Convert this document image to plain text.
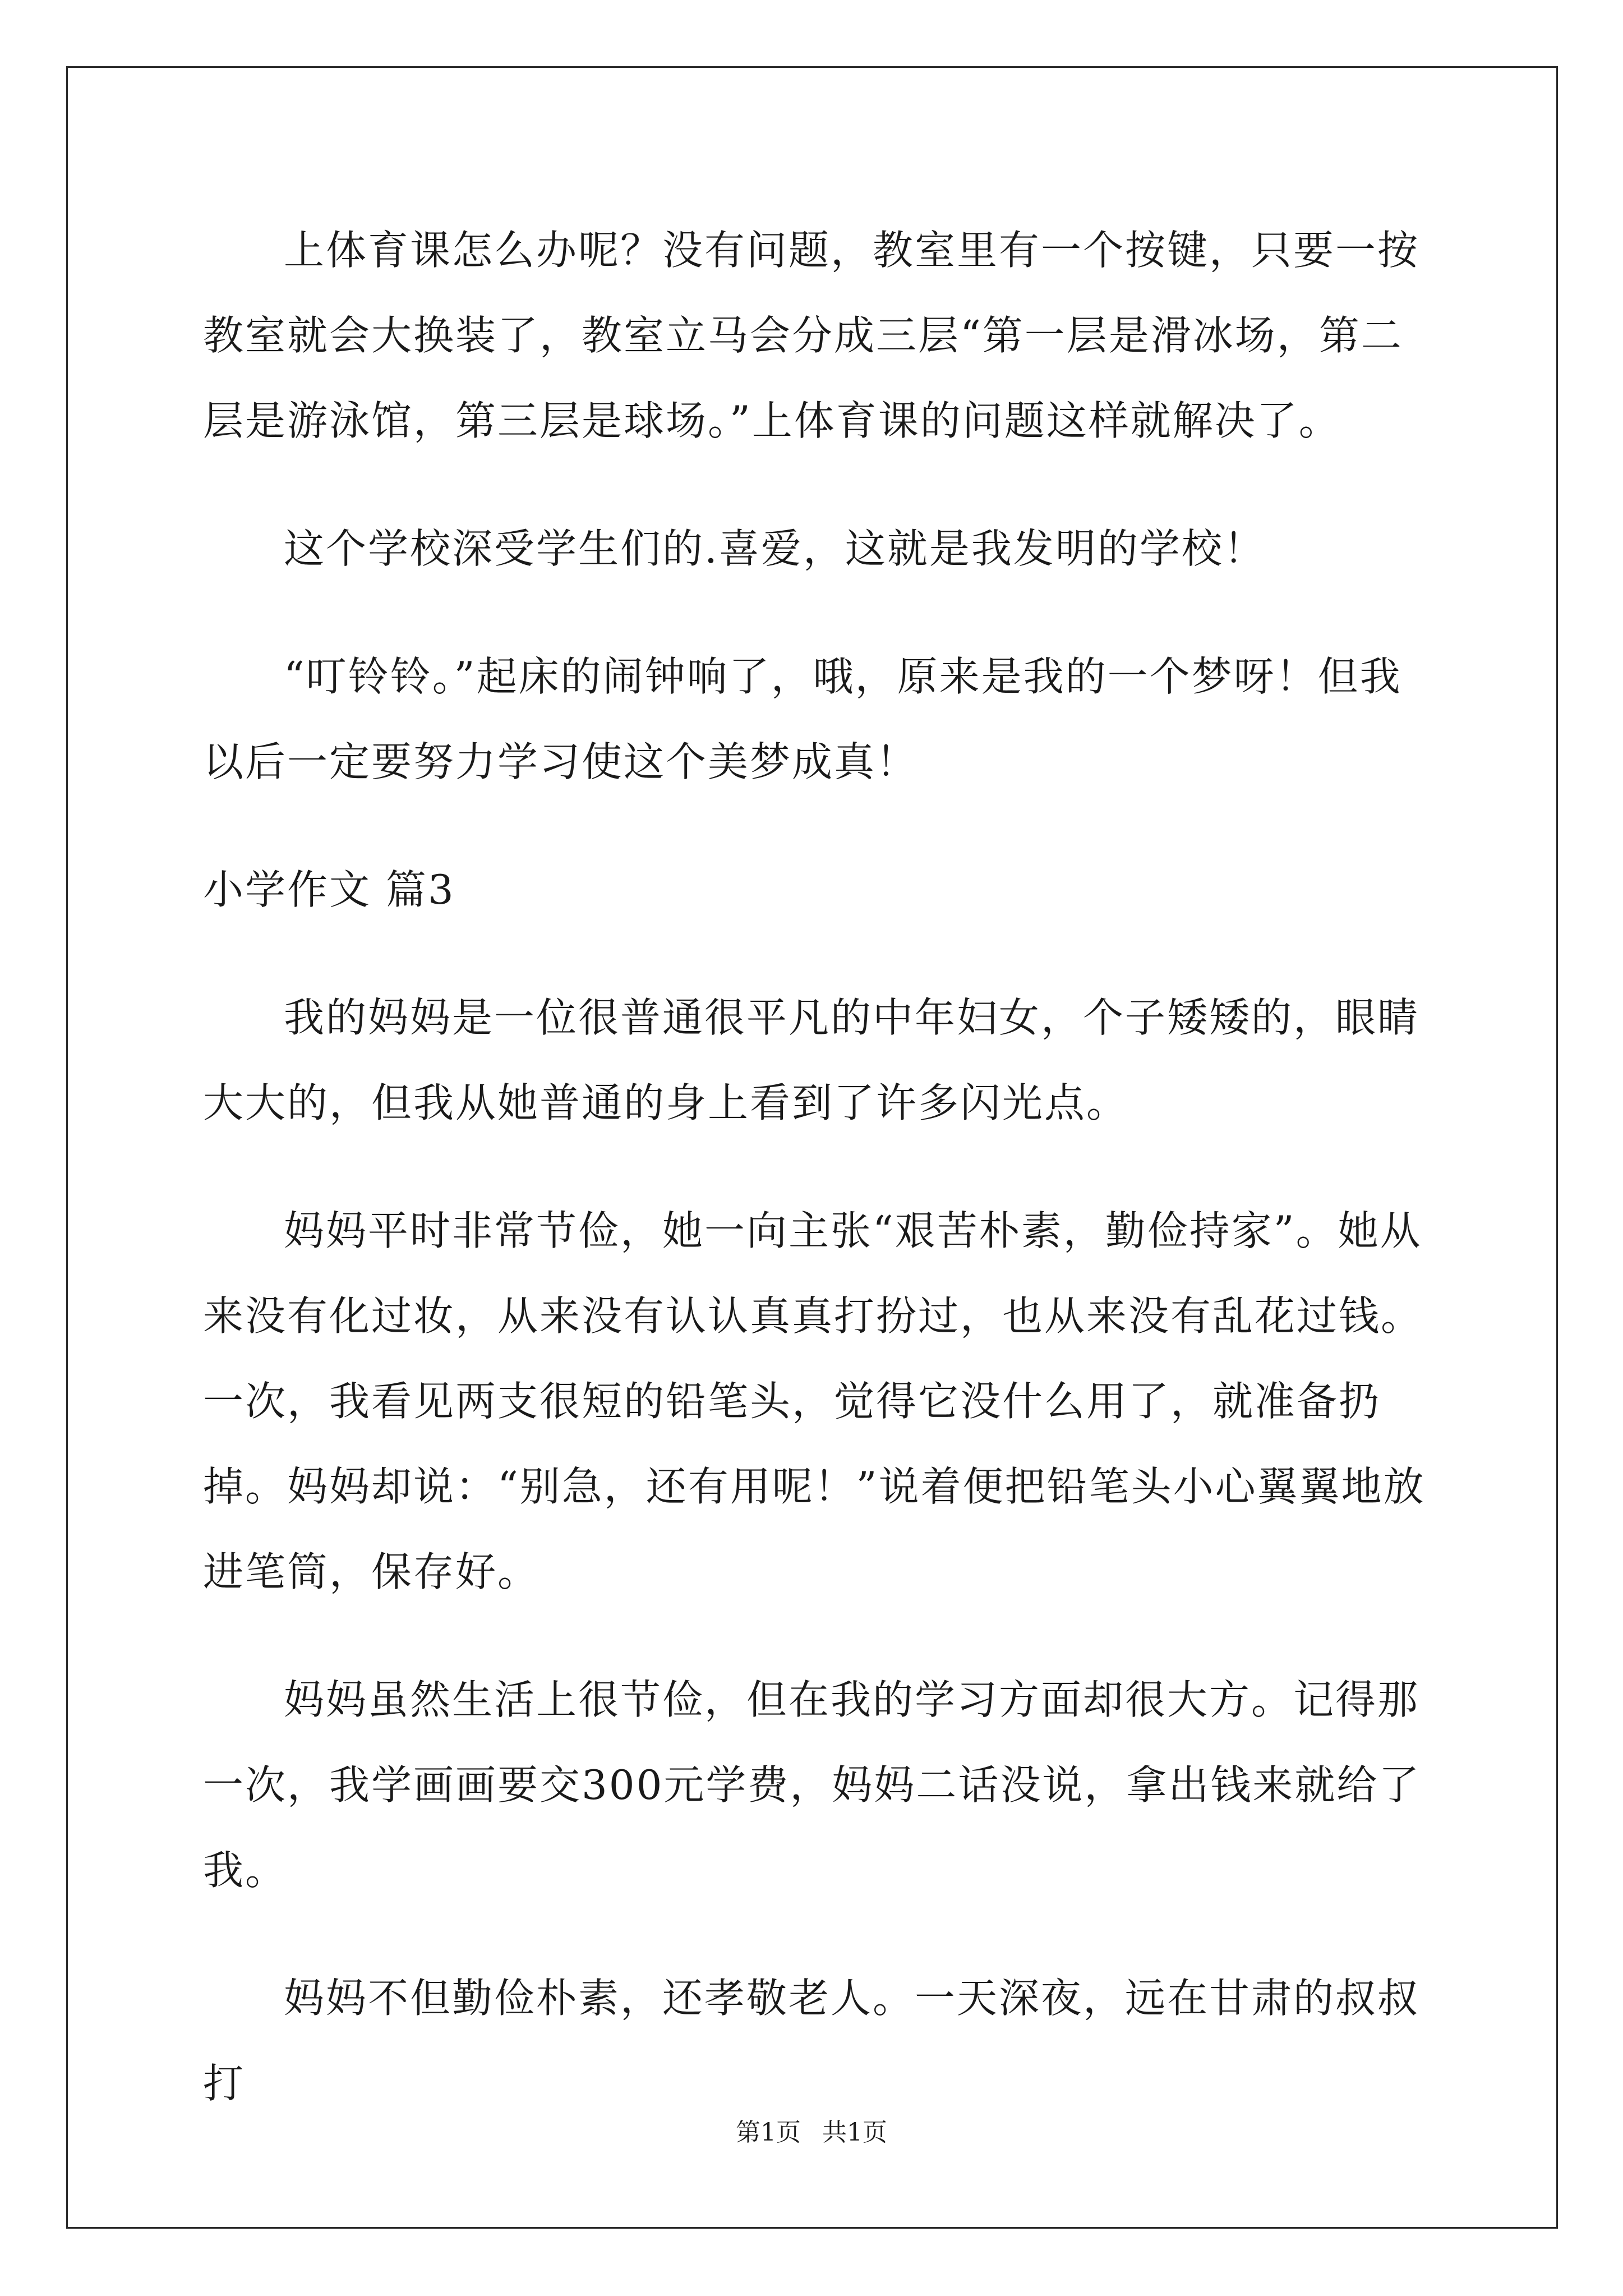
上体育课怎么办呢？没有问题，教室里有一个按键，只要一按教室就会大换装了，教室立马会分成三层“第一层是滑冰场，第二层是游泳馆，第三层是球场。”上体育课的问题这样就解决了。

这个学校深受学生们的.喜爱，这就是我发明的学校！

“叮铃铃。”起床的闹钟响了，哦，原来是我的一个梦呀！但我以后一定要努力学习使这个美梦成真！

小学作文 篇3

我的妈妈是一位很普通很平凡的中年妇女，个子矮矮的，眼睛大大的，但我从她普通的身上看到了许多闪光点。

妈妈平时非常节俭，她一向主张“艰苦朴素，勤俭持家”。她从来没有化过妆，从来没有认认真真打扮过，也从来没有乱花过钱。一次，我看见两支很短的铅笔头，觉得它没什么用了，就准备扔掉。妈妈却说：“别急，还有用呢！”说着便把铅笔头小心翼翼地放进笔筒，保存好。

妈妈虽然生活上很节俭，但在我的学习方面却很大方。记得那一次，我学画画要交300元学费，妈妈二话没说，拿出钱来就给了我。

妈妈不但勤俭朴素，还孝敬老人。一天深夜，远在甘肃的叔叔打

第1页 共1页
